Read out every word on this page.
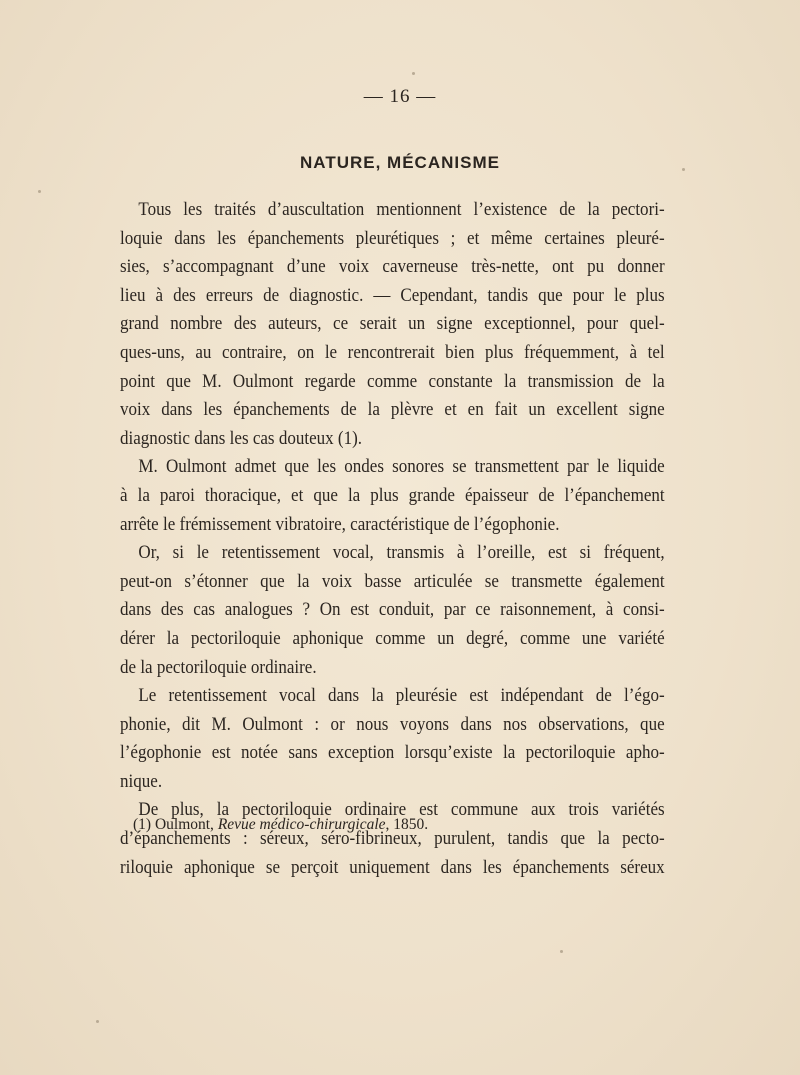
— 16 —
NATURE, MÉCANISME
Tous les traités d’auscultation mentionnent l’existence de la pectori-
loquie dans les épanchements pleurétiques ; et même certaines pleuré-
sies, s’accompagnant d’une voix caverneuse très-nette, ont pu donner
lieu à des erreurs de diagnostic. — Cependant, tandis que pour le plus
grand nombre des auteurs, ce serait un signe exceptionnel, pour quel-
ques-uns, au contraire, on le rencontrerait bien plus fréquemment, à tel
point que M. Oulmont regarde comme constante la transmission de la
voix dans les épanchements de la plèvre et en fait un excellent signe
diagnostic dans les cas douteux (1).
M. Oulmont admet que les ondes sonores se transmettent par le liquide
à la paroi thoracique, et que la plus grande épaisseur de l’épanchement
arrête le frémissement vibratoire, caractéristique de l’égophonie.
Or, si le retentissement vocal, transmis à l’oreille, est si fréquent,
peut-on s’étonner que la voix basse articulée se transmette également
dans des cas analogues ? On est conduit, par ce raisonnement, à consi-
dérer la pectoriloquie aphonique comme un degré, comme une variété
de la pectoriloquie ordinaire.
Le retentissement vocal dans la pleurésie est indépendant de l’égo-
phonie, dit M. Oulmont : or nous voyons dans nos observations, que
l’égophonie est notée sans exception lorsqu’existe la pectoriloquie apho-
nique.
De plus, la pectoriloquie ordinaire est commune aux trois variétés
d’épanchements : séreux, séro-fibrineux, purulent, tandis que la pecto-
riloquie aphonique se perçoit uniquement dans les épanchements séreux
(1) Oulmont, Revue médico-chirurgicale, 1850.
